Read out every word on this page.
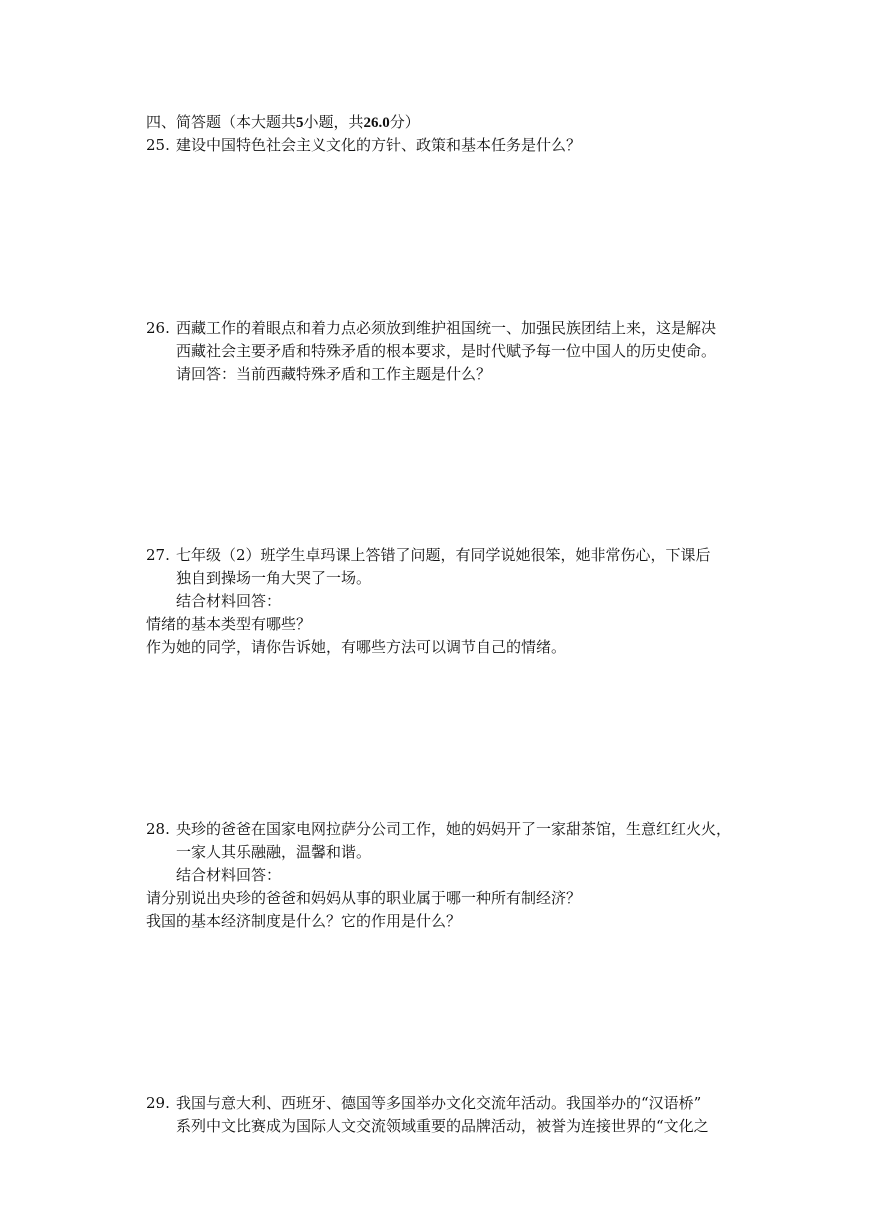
四、简答题（本大题共5小题，共26.0分）
25. 建设中国特色社会主义文化的方针、政策和基本任务是什么？
26. 西藏工作的着眼点和着力点必须放到维护祖国统一、加强民族团结上来，这是解决
西藏社会主要矛盾和特殊矛盾的根本要求，是时代赋予每一位中国人的历史使命。
请回答：当前西藏特殊矛盾和工作主题是什么？
27. 七年级（2）班学生卓玛课上答错了问题，有同学说她很笨，她非常伤心，下课后
独自到操场一角大哭了一场。
结合材料回答：
情绪的基本类型有哪些？
作为她的同学，请你告诉她，有哪些方法可以调节自己的情绪。
28. 央珍的爸爸在国家电网拉萨分公司工作，她的妈妈开了一家甜茶馆，生意红红火火，
一家人其乐融融，温馨和谐。
结合材料回答：
请分别说出央珍的爸爸和妈妈从事的职业属于哪一种所有制经济？
我国的基本经济制度是什么？它的作用是什么？
29. 我国与意大利、西班牙、德国等多国举办文化交流年活动。我国举办的“汉语桥”
系列中文比赛成为国际人文交流领域重要的品牌活动，被誉为连接世界的“文化之
